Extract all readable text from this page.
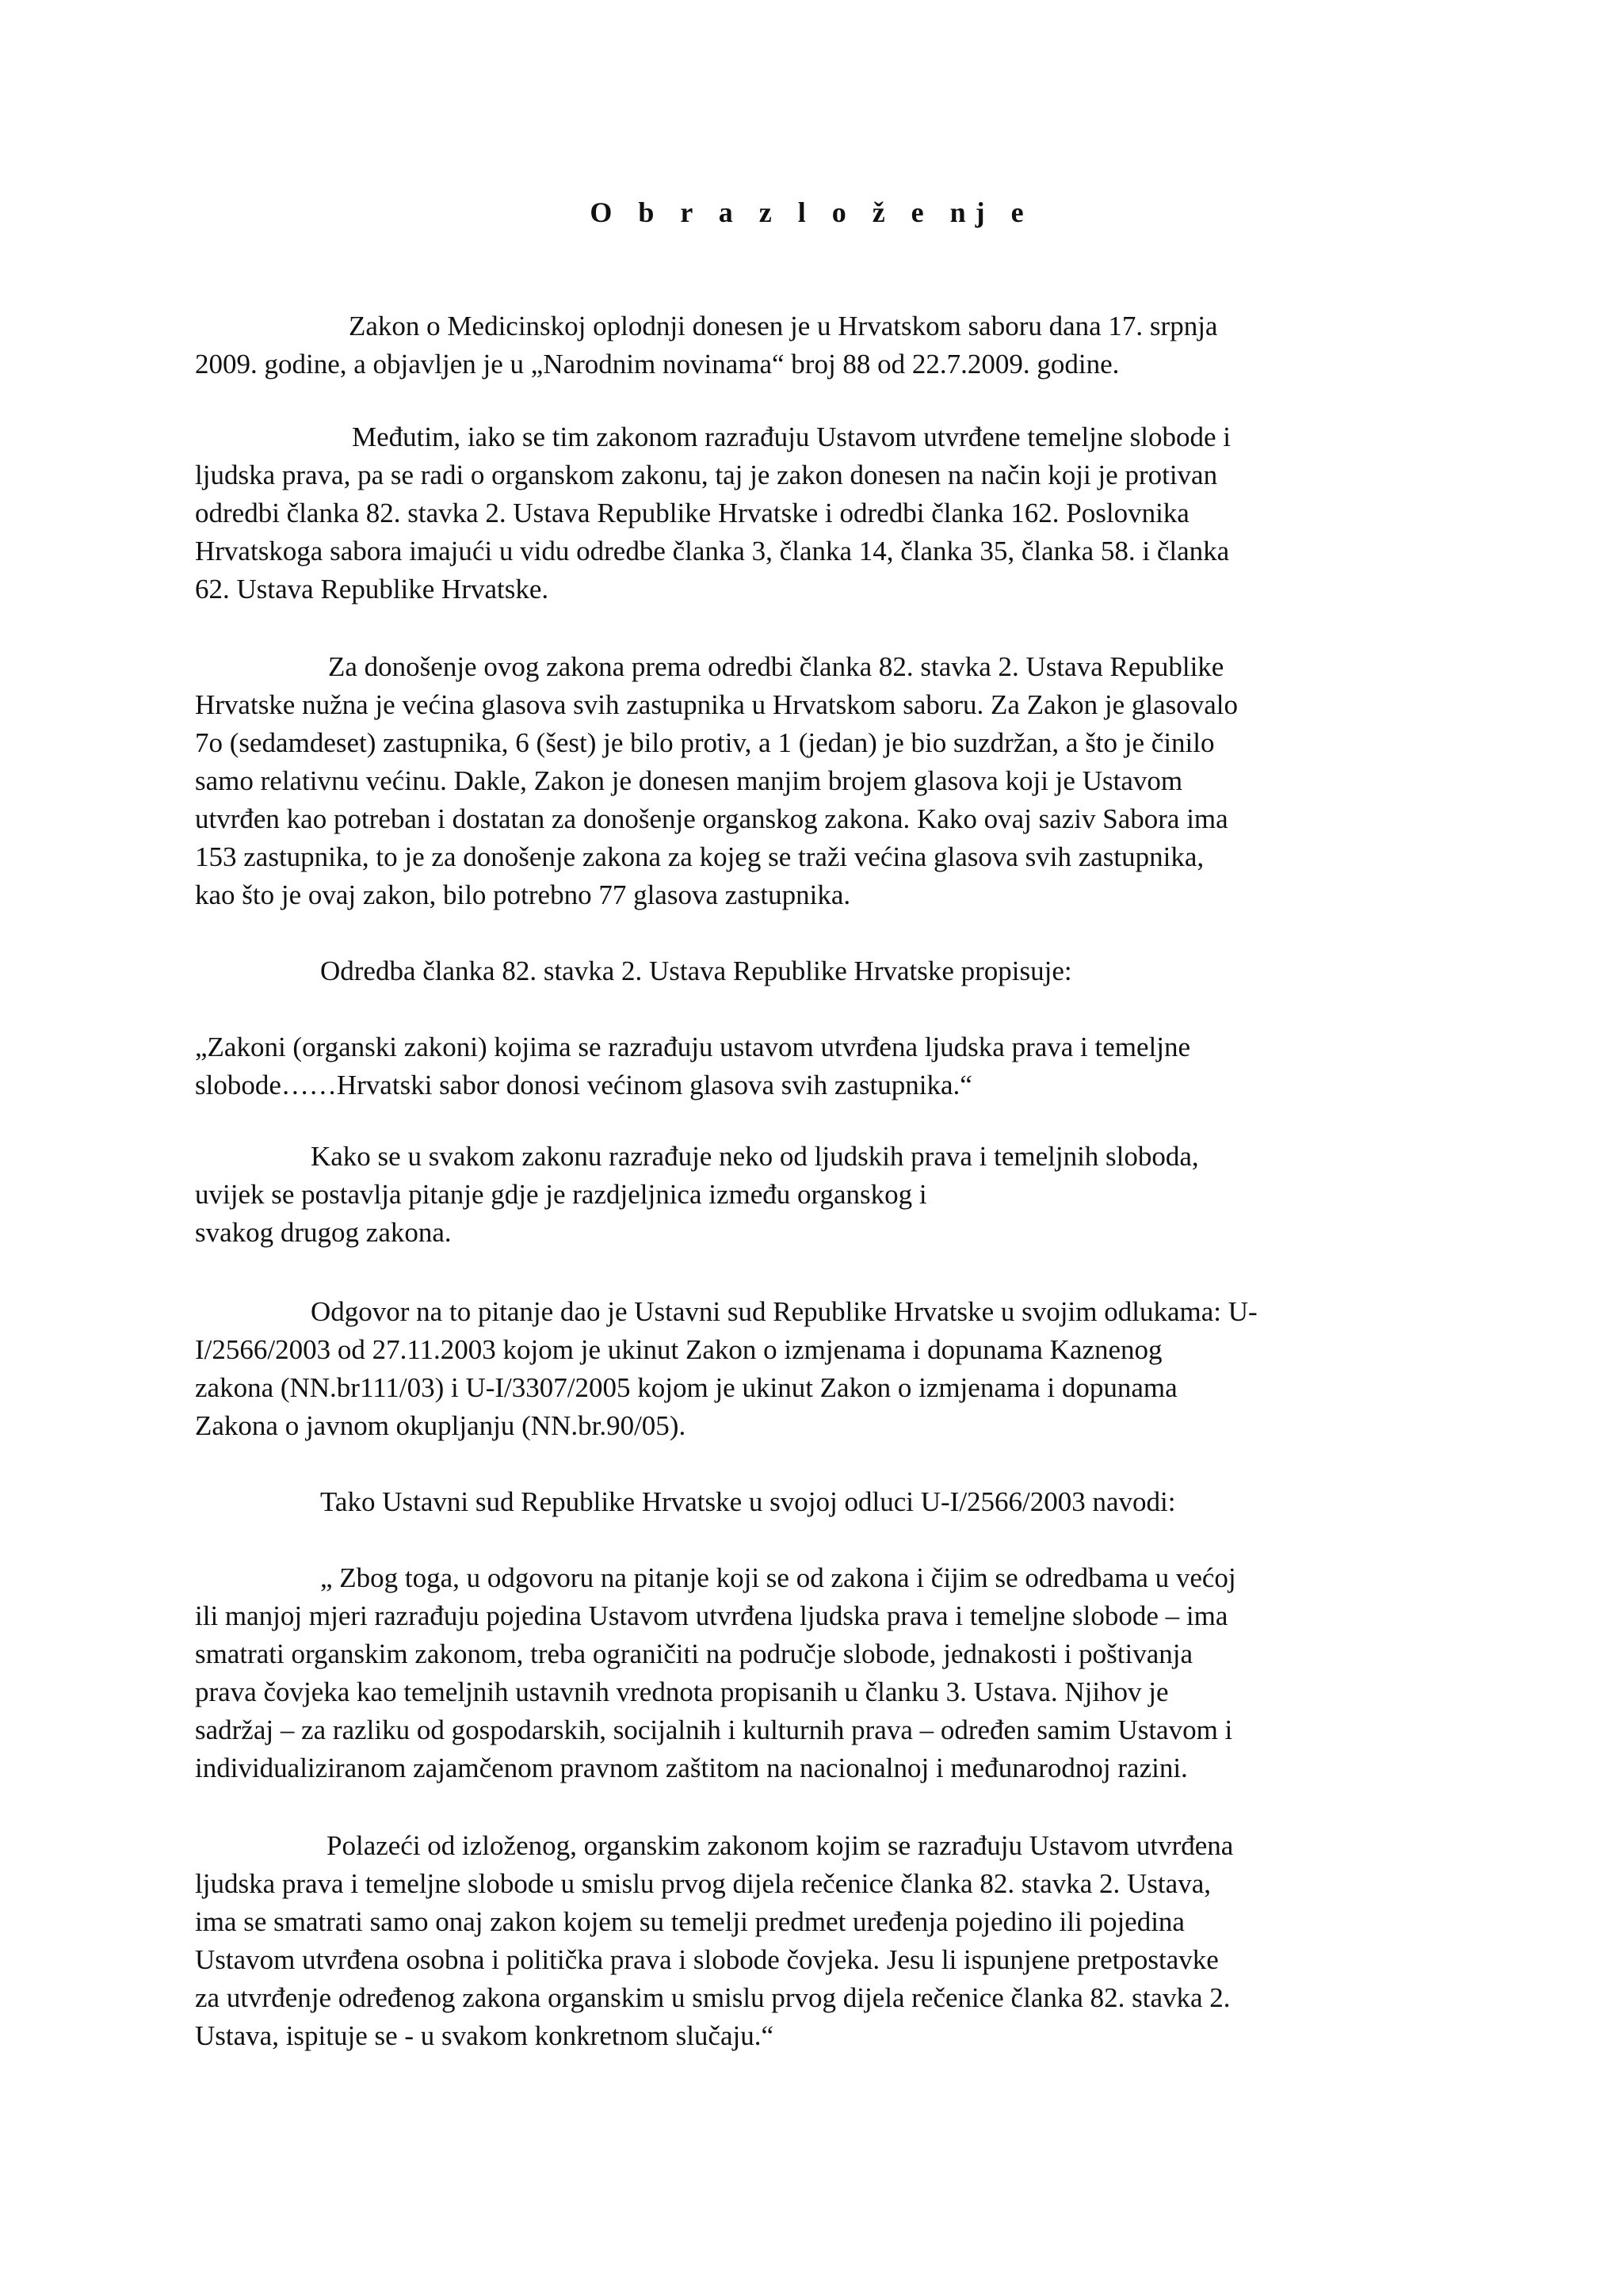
O b r a z l o ž e nj e
Zakon o Medicinskoj oplodnji donesen je u Hrvatskom saboru dana 17. srpnja
2009. godine, a objavljen je u „Narodnim novinama“ broj 88 od 22.7.2009. godine.
Međutim, iako se tim zakonom razrađuju Ustavom utvrđene temeljne slobode i
ljudska prava, pa se radi o organskom zakonu, taj je zakon donesen na način koji je protivan
odredbi članka 82. stavka 2. Ustava Republike Hrvatske i odredbi članka 162. Poslovnika
Hrvatskoga sabora imajući u vidu odredbe članka 3, članka 14, članka 35, članka 58. i članka
62. Ustava Republike Hrvatske.
Za donošenje ovog zakona prema odredbi članka 82. stavka 2. Ustava Republike
Hrvatske nužna je većina glasova svih zastupnika u Hrvatskom saboru. Za Zakon je glasovalo
7o (sedamdeset) zastupnika, 6 (šest) je bilo protiv, a 1 (jedan) je bio suzdržan, a što je činilo
samo relativnu većinu. Dakle, Zakon je donesen manjim brojem glasova koji je Ustavom
utvrđen kao potreban i dostatan za donošenje organskog zakona. Kako ovaj saziv Sabora ima
153 zastupnika, to je za donošenje zakona za kojeg se traži većina glasova svih zastupnika,
kao što je ovaj zakon, bilo potrebno 77 glasova zastupnika.
Odredba članka 82. stavka 2. Ustava Republike Hrvatske propisuje:
„Zakoni (organski zakoni) kojima se razrađuju ustavom utvrđena ljudska prava i temeljne
slobode……Hrvatski sabor donosi većinom glasova svih zastupnika.“
Kako se u svakom zakonu razrađuje neko od ljudskih prava i temeljnih sloboda,
uvijek se postavlja pitanje gdje je razdjeljnica između organskog i
svakog drugog zakona.
Odgovor na to pitanje dao je Ustavni sud Republike Hrvatske u svojim odlukama: U-
I/2566/2003 od 27.11.2003 kojom je ukinut Zakon o izmjenama i dopunama Kaznenog
zakona (NN.br111/03) i U-I/3307/2005 kojom je ukinut Zakon o izmjenama i dopunama
Zakona o javnom okupljanju (NN.br.90/05).
Tako Ustavni sud Republike Hrvatske u svojoj odluci U-I/2566/2003 navodi:
„ Zbog toga, u odgovoru na pitanje koji se od zakona i čijim se odredbama u većoj
ili manjoj mjeri razrađuju pojedina Ustavom utvrđena ljudska prava i temeljne slobode – ima
smatrati organskim zakonom, treba ograničiti na područje slobode, jednakosti i poštivanja
prava čovjeka kao temeljnih ustavnih vrednota propisanih u članku 3. Ustava. Njihov je
sadržaj – za razliku od gospodarskih, socijalnih i kulturnih prava – određen samim Ustavom i
individualiziranom zajamčenom pravnom zaštitom na nacionalnoj i međunarodnoj razini.
Polazeći od izloženog, organskim zakonom kojim se razrađuju Ustavom utvrđena
ljudska prava i temeljne slobode u smislu prvog dijela rečenice članka 82. stavka 2. Ustava,
ima se smatrati samo onaj zakon kojem su temelji predmet uređenja pojedino ili pojedina
Ustavom utvrđena osobna i politička prava i slobode čovjeka. Jesu li ispunjene pretpostavke
za utvrđenje određenog zakona organskim u smislu prvog dijela rečenice članka 82. stavka 2.
Ustava, ispituje se - u svakom konkretnom slučaju.“
